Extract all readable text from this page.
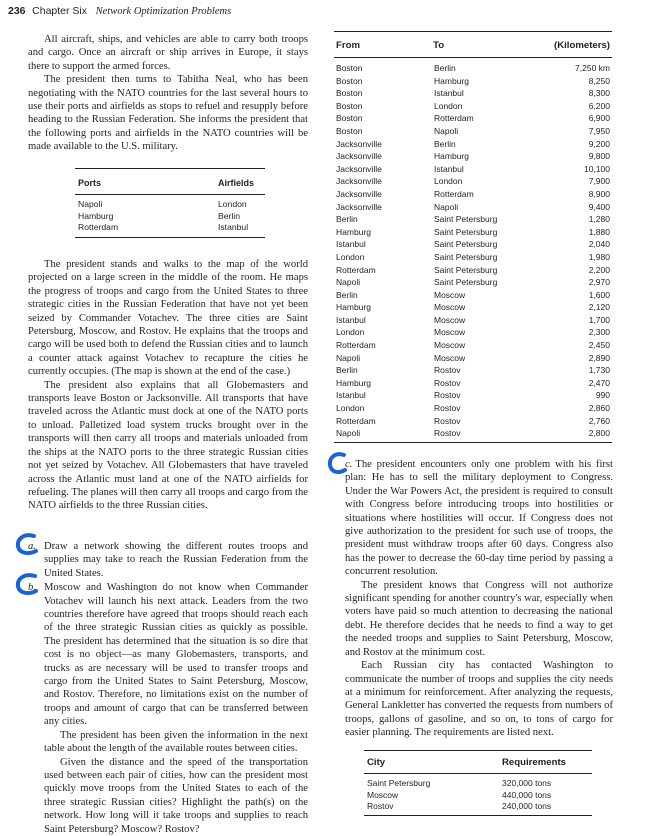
236 Chapter Six Network Optimization Problems

All aircraft, ships, and vehicles are able to carry both troops and cargo. Once an aircraft or ship arrives in Europe, it stays there to support the armed forces.

The president then turns to Tabitha Neal, who has been negotiating with the NATO countries for the last several hours to use their ports and airfields as stops to refuel and resupply before heading to the Russian Federation. She informs the president that the following ports and airfields in the NATO countries will be made available to the U.S. military.

Ports	Airfields
Napoli	London
Hamburg	Berlin
Rotterdam	Istanbul

The president stands and walks to the map of the world projected on a large screen in the middle of the room. He maps the progress of troops and cargo from the United States to three strategic cities in the Russian Federation that have not yet been seized by Commander Votachev. The three cities are Saint Petersburg, Moscow, and Rostov. He explains that the troops and cargo will be used both to defend the Russian cities and to launch a counter attack against Votachev to recapture the cities he currently occupies. (The map is shown at the end of the case.)

The president also explains that all Globemasters and transports leave Boston or Jacksonville. All transports that have traveled across the Atlantic must dock at one of the NATO ports to unload. Palletized load system trucks brought over in the transports will then carry all troops and materials unloaded from the ships at the NATO ports to the three strategic Russian cities not yet seized by Votachev. All Globemasters that have traveled across the Atlantic must land at one of the NATO airfields for refueling. The planes will then carry all troops and cargo from the NATO airfields to the three Russian cities.

a. Draw a network showing the different routes troops and supplies may take to reach the Russian Federation from the United States.

b. Moscow and Washington do not know when Commander Votachev will launch his next attack. Leaders from the two countries therefore have agreed that troops should reach each of the three strategic Russian cities as quickly as possible. The president has determined that the situation is so dire that cost is no object—as many Globemasters, transports, and trucks as are necessary will be used to transfer troops and cargo from the United States to Saint Petersburg, Moscow, and Rostov. Therefore, no limitations exist on the number of troops and amount of cargo that can be transferred between any cities.

The president has been given the information in the next table about the length of the available routes between cities.

Given the distance and the speed of the transportation used between each pair of cities, how can the president most quickly move troops from the United States to each of the three strategic Russian cities? Highlight the path(s) on the network. How long will it take troops and supplies to reach Saint Petersburg? Moscow? Rostov?

From	To	(Kilometers)
Boston	Berlin	7,250 km
Boston	Hamburg	8,250
Boston	Istanbul	8,300
Boston	London	6,200
Boston	Rotterdam	6,900
Boston	Napoli	7,950
Jacksonville	Berlin	9,200
Jacksonville	Hamburg	9,800
Jacksonville	Istanbul	10,100
Jacksonville	London	7,900
Jacksonville	Rotterdam	8,900
Jacksonville	Napoli	9,400
Berlin	Saint Petersburg	1,280
Hamburg	Saint Petersburg	1,880
Istanbul	Saint Petersburg	2,040
London	Saint Petersburg	1,980
Rotterdam	Saint Petersburg	2,200
Napoli	Saint Petersburg	2,970
Berlin	Moscow	1,600
Hamburg	Moscow	2,120
Istanbul	Moscow	1,700
London	Moscow	2,300
Rotterdam	Moscow	2,450
Napoli	Moscow	2,890
Berlin	Rostov	1,730
Hamburg	Rostov	2,470
Istanbul	Rostov	990
London	Rostov	2,860
Rotterdam	Rostov	2,760
Napoli	Rostov	2,800

c. The president encounters only one problem with his first plan: He has to sell the military deployment to Congress. Under the War Powers Act, the president is required to consult with Congress before introducing troops into hostilities or situations where hostilities will occur. If Congress does not give authorization to the president for such use of troops, the president must withdraw troops after 60 days. Congress also has the power to decrease the 60-day time period by passing a concurrent resolution.

The president knows that Congress will not authorize significant spending for another country's war, especially when voters have paid so much attention to decreasing the national debt. He therefore decides that he needs to find a way to get the needed troops and supplies to Saint Petersburg, Moscow, and Rostov at the minimum cost.

Each Russian city has contacted Washington to communicate the number of troops and supplies the city needs at a minimum for reinforcement. After analyzing the requests, General Lankletter has converted the requests from numbers of troops, gallons of gasoline, and so on, to tons of cargo for easier planning. The requirements are listed next.

City	Requirements
Saint Petersburg	320,000 tons
Moscow	440,000 tons
Rostov	240,000 tons
